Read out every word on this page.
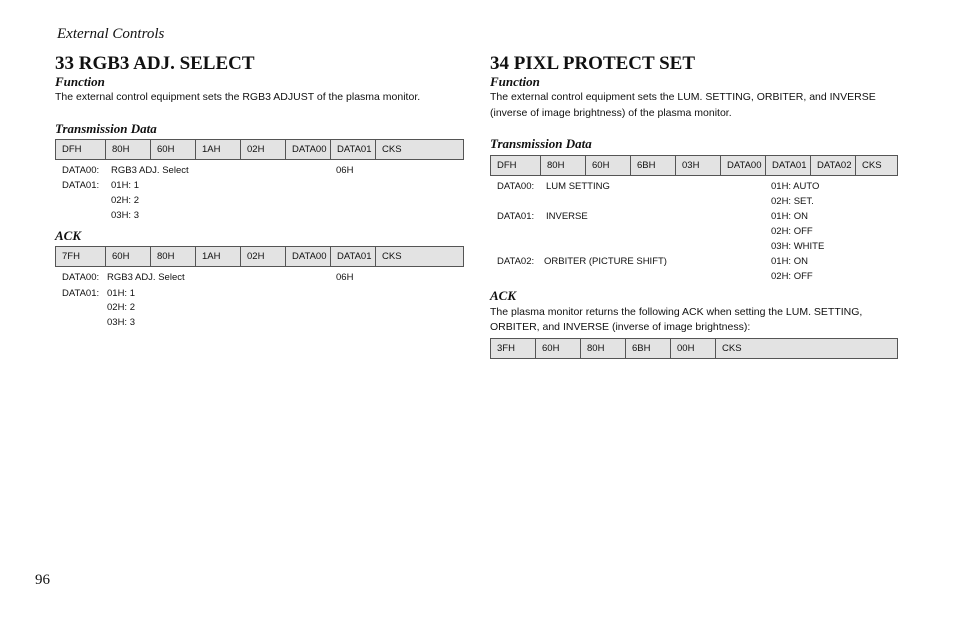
External Controls
33 RGB3 ADJ. SELECT
Function
The external control equipment sets the RGB3 ADJUST of the plasma monitor.
Transmission Data
DFH	80H	60H	1AH	02H	DATA00	DATA01	CKS
DATA00: RGB3 ADJ. Select	06H
DATA01: 01H: 1
02H: 2
03H: 3
ACK
7FH	60H	80H	1AH	02H	DATA00	DATA01	CKS
DATA00: RGB3 ADJ. Select	06H
DATA01: 01H: 1
02H: 2
03H: 3
34 PIXL PROTECT SET
Function
The external control equipment sets the LUM. SETTING, ORBITER, and INVERSE
(inverse of image brightness) of the plasma monitor.
Transmission Data
DFH	80H	60H	6BH	03H	DATA00	DATA01	DATA02	CKS
DATA00: LUM SETTING	01H: AUTO
02H: SET.
DATA01: INVERSE	01H: ON
02H: OFF
03H: WHITE
DATA02: ORBITER (PICTURE SHIFT)	01H: ON
02H: OFF
ACK
The plasma monitor returns the following ACK when setting the LUM. SETTING,
ORBITER, and INVERSE (inverse of image brightness):
3FH	60H	80H	6BH	00H	CKS
96
